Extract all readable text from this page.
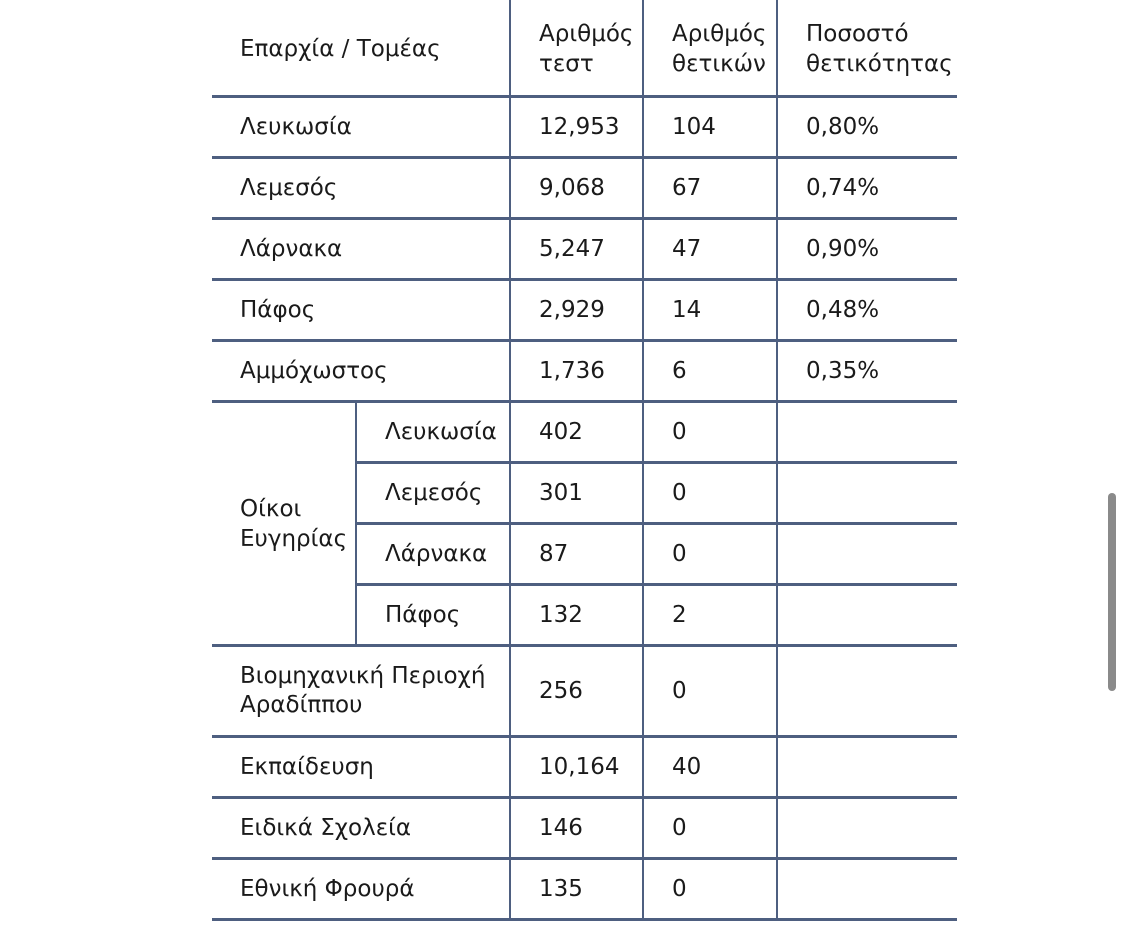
Επαρχία / Τομέας		Αριθμός τεστ	Αριθμός θετικών	Ποσοστό θετικότητας
Λευκωσία		12,953	104	0,80%
Λεμεσός		9,068	67	0,74%
Λάρνακα		5,247	47	0,90%
Πάφος		2,929	14	0,48%
Αμμόχωστος		1,736	6	0,35%
Οίκοι Ευγηρίας	Λευκωσία	402	0	
	Λεμεσός	301	0	
	Λάρνακα	87	0	
	Πάφος	132	2	
Βιομηχανική Περιοχή Αραδίππου		256	0	
Εκπαίδευση		10,164	40	
Ειδικά Σχολεία		146	0	
Εθνική Φρουρά		135	0	
